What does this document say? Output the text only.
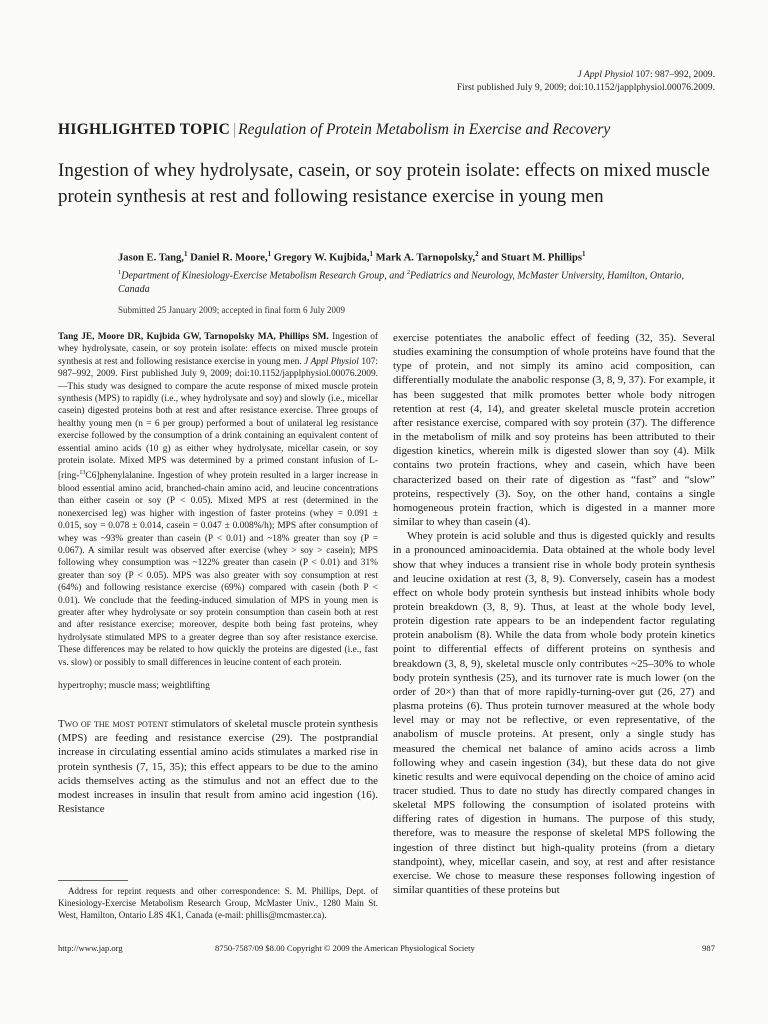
J Appl Physiol 107: 987–992, 2009.
First published July 9, 2009; doi:10.1152/japplphysiol.00076.2009.
HIGHLIGHTED TOPIC | Regulation of Protein Metabolism in Exercise and Recovery
Ingestion of whey hydrolysate, casein, or soy protein isolate: effects on mixed muscle protein synthesis at rest and following resistance exercise in young men
Jason E. Tang,$^1$ Daniel R. Moore,$^1$ Gregory W. Kujbida,$^1$ Mark A. Tarnopolsky,$^2$ and Stuart M. Phillips$^1$
$^1$Department of Kinesiology-Exercise Metabolism Research Group, and $^2$Pediatrics and Neurology, McMaster University, Hamilton, Ontario, Canada
Submitted 25 January 2009; accepted in final form 6 July 2009

Tang JE, Moore DR, Kujbida GW, Tarnopolsky MA, Phillips SM. Ingestion of whey hydrolysate, casein, or soy protein isolate: effects on mixed muscle protein synthesis at rest and following resistance exercise in young men. J Appl Physiol 107: 987–992, 2009. First published July 9, 2009; doi:10.1152/japplphysiol.00076.2009.—This study was designed to compare the acute response of mixed muscle protein synthesis (MPS) to rapidly (i.e., whey hydrolysate and soy) and slowly (i.e., micellar casein) digested proteins both at rest and after resistance exercise. Three groups of healthy young men (n = 6 per group) performed a bout of unilateral leg resistance exercise followed by the consumption of a drink containing an equivalent content of essential amino acids (10 g) as either whey hydrolysate, micellar casein, or soy protein isolate. Mixed MPS was determined by a primed constant infusion of L-[ring-$^{13}$C6]phenylalanine. Ingestion of whey protein resulted in a larger increase in blood essential amino acid, branched-chain amino acid, and leucine concentrations than either casein or soy (P < 0.05). Mixed MPS at rest (determined in the nonexercised leg) was higher with ingestion of faster proteins (whey = 0.091 ± 0.015, soy = 0.078 ± 0.014, casein = 0.047 ± 0.008%/h); MPS after consumption of whey was ~93% greater than casein (P < 0.01) and ~18% greater than soy (P = 0.067). A similar result was observed after exercise (whey > soy > casein); MPS following whey consumption was ~122% greater than casein (P < 0.01) and 31% greater than soy (P < 0.05). MPS was also greater with soy consumption at rest (64%) and following resistance exercise (69%) compared with casein (both P < 0.01). We conclude that the feeding-induced simulation of MPS in young men is greater after whey hydrolysate or soy protein consumption than casein both at rest and after resistance exercise; moreover, despite both being fast proteins, whey hydrolysate stimulated MPS to a greater degree than soy after resistance exercise. These differences may be related to how quickly the proteins are digested (i.e., fast vs. slow) or possibly to small differences in leucine content of each protein.

hypertrophy; muscle mass; weightlifting

Two of the most potent stimulators of skeletal muscle protein synthesis (MPS) are feeding and resistance exercise (29). The postprandial increase in circulating essential amino acids stimulates a marked rise in protein synthesis (7, 15, 35); this effect appears to be due to the amino acids themselves acting as the stimulus and not an effect due to the modest increases in insulin that result from amino acid ingestion (16). Resistance

exercise potentiates the anabolic effect of feeding (32, 35). Several studies examining the consumption of whole proteins have found that the type of protein, and not simply its amino acid composition, can differentially modulate the anabolic response (3, 8, 9, 37). For example, it has been suggested that milk promotes better whole body nitrogen retention at rest (4, 14), and greater skeletal muscle protein accretion after resistance exercise, compared with soy protein (37). The difference in the metabolism of milk and soy proteins has been attributed to their digestion kinetics, wherein milk is digested slower than soy (4). Milk contains two protein fractions, whey and casein, which have been characterized based on their rate of digestion as “fast” and “slow” proteins, respectively (3). Soy, on the other hand, contains a single homogeneous protein fraction, which is digested in a manner more similar to whey than casein (4).

Whey protein is acid soluble and thus is digested quickly and results in a pronounced aminoacidemia. Data obtained at the whole body level show that whey induces a transient rise in whole body protein synthesis and leucine oxidation at rest (3, 8, 9). Conversely, casein has a modest effect on whole body protein synthesis but instead inhibits whole body protein breakdown (3, 8, 9). Thus, at least at the whole body level, protein digestion rate appears to be an independent factor regulating protein anabolism (8). While the data from whole body protein kinetics point to differential effects of different proteins on synthesis and breakdown (3, 8, 9), skeletal muscle only contributes ~25–30% to whole body protein synthesis (25), and its turnover rate is much lower (on the order of 20×) than that of more rapidly-turning-over gut (26, 27) and plasma proteins (6). Thus protein turnover measured at the whole body level may or may not be reflective, or even representative, of the anabolism of muscle proteins. At present, only a single study has measured the chemical net balance of amino acids across a limb following whey and casein ingestion (34), but these data do not give kinetic results and were equivocal depending on the choice of amino acid tracer studied. Thus to date no study has directly compared changes in skeletal MPS following the consumption of isolated proteins with differing rates of digestion in humans. The purpose of this study, therefore, was to measure the response of skeletal MPS following the ingestion of three distinct but high-quality proteins (from a dietary standpoint), whey, micellar casein, and soy, at rest and after resistance exercise. We chose to measure these responses following ingestion of similar quantities of these proteins but

Address for reprint requests and other correspondence: S. M. Phillips, Dept. of Kinesiology-Exercise Metabolism Research Group, McMaster Univ., 1280 Main St. West, Hamilton, Ontario L8S 4K1, Canada (e-mail: phillis@mcmaster.ca).
http://www.jap.org	8750-7587/09 $8.00 Copyright © 2009 the American Physiological Society	987
